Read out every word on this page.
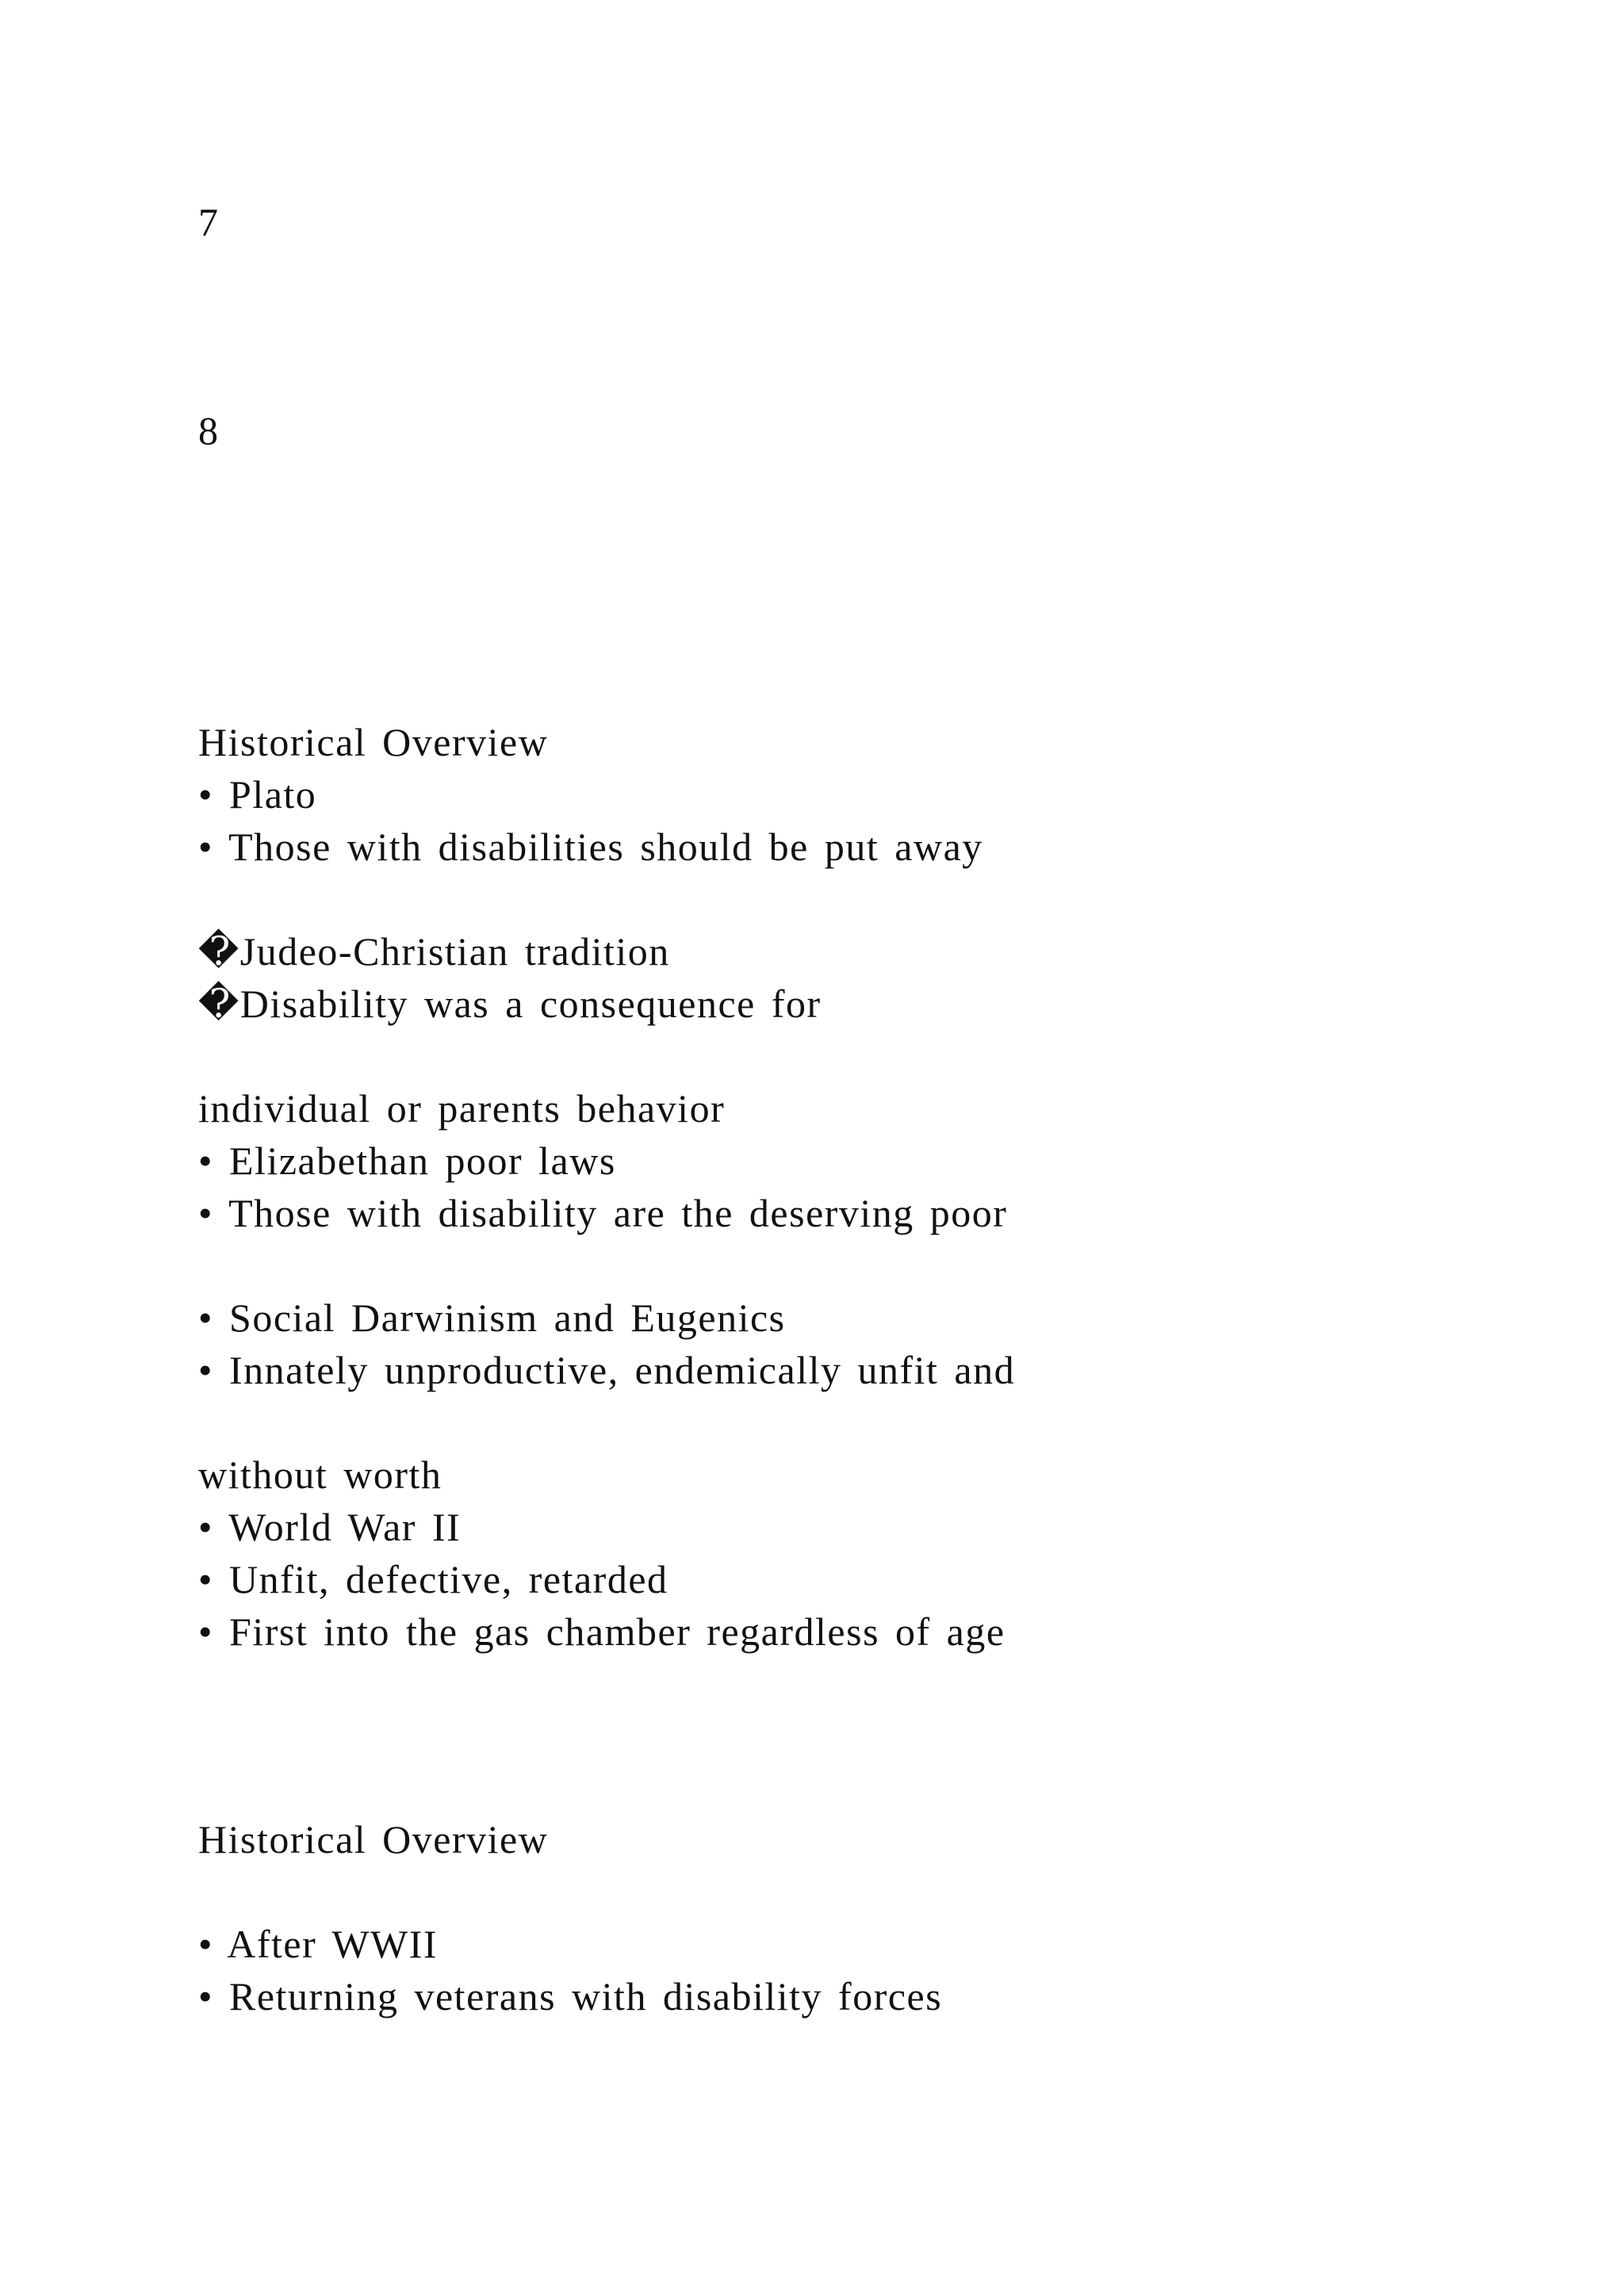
7

8

Historical Overview

• Plato

• Those with disabilities should be put away

�Judeo-Christian tradition

�Disability was a consequence for

individual or parents behavior

• Elizabethan poor laws

• Those with disability are the deserving poor

• Social Darwinism and Eugenics

• Innately unproductive, endemically unfit and

without worth

• World War II

• Unfit, defective, retarded

• First into the gas chamber regardless of age

Historical Overview

• After WWII

• Returning veterans with disability forces
